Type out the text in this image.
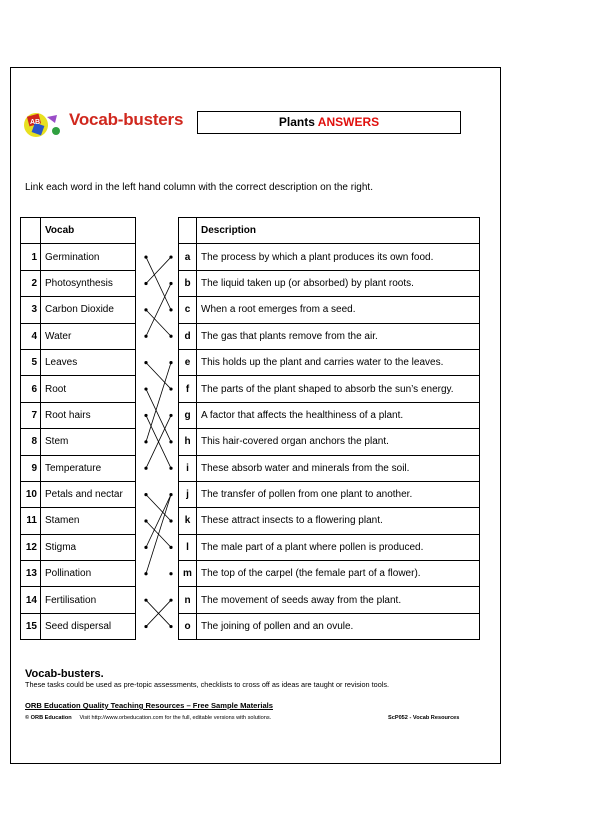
AB Vocab-busters	Plants ANSWERS
Link each word in the left hand column with the correct description on the right.
	Vocab
1	Germination
2	Photosynthesis
3	Carbon Dioxide
4	Water
5	Leaves
6	Root
7	Root hairs
8	Stem
9	Temperature
10	Petals and nectar
11	Stamen
12	Stigma
13	Pollination
14	Fertilisation
15	Seed dispersal
	Description
a	The process by which a plant produces its own food.
b	The liquid taken up (or absorbed) by plant roots.
c	When a root emerges from a seed.
d	The gas that plants remove from the air.
e	This holds up the plant and carries water to the leaves.
f	The parts of the plant shaped to absorb the sun’s energy.
g	A factor that affects the healthiness of a plant.
h	This hair-covered organ anchors the plant.
i	These absorb water and minerals from the soil.
j	The transfer of pollen from one plant to another.
k	These attract insects to a flowering plant.
l	The male part of a plant where pollen is produced.
m	The top of the carpel (the female part of a flower).
n	The movement of seeds away from the plant.
o	The joining of pollen and an ovule.
Vocab-busters.
These tasks could be used as pre-topic assessments, checklists to cross off as ideas are taught or revision tools.
ORB Education Quality Teaching Resources – Free Sample Materials
© ORB Education Visit http://www.orbeducation.com for the full, editable versions with solutions.	ScP052 - Vocab Resources
